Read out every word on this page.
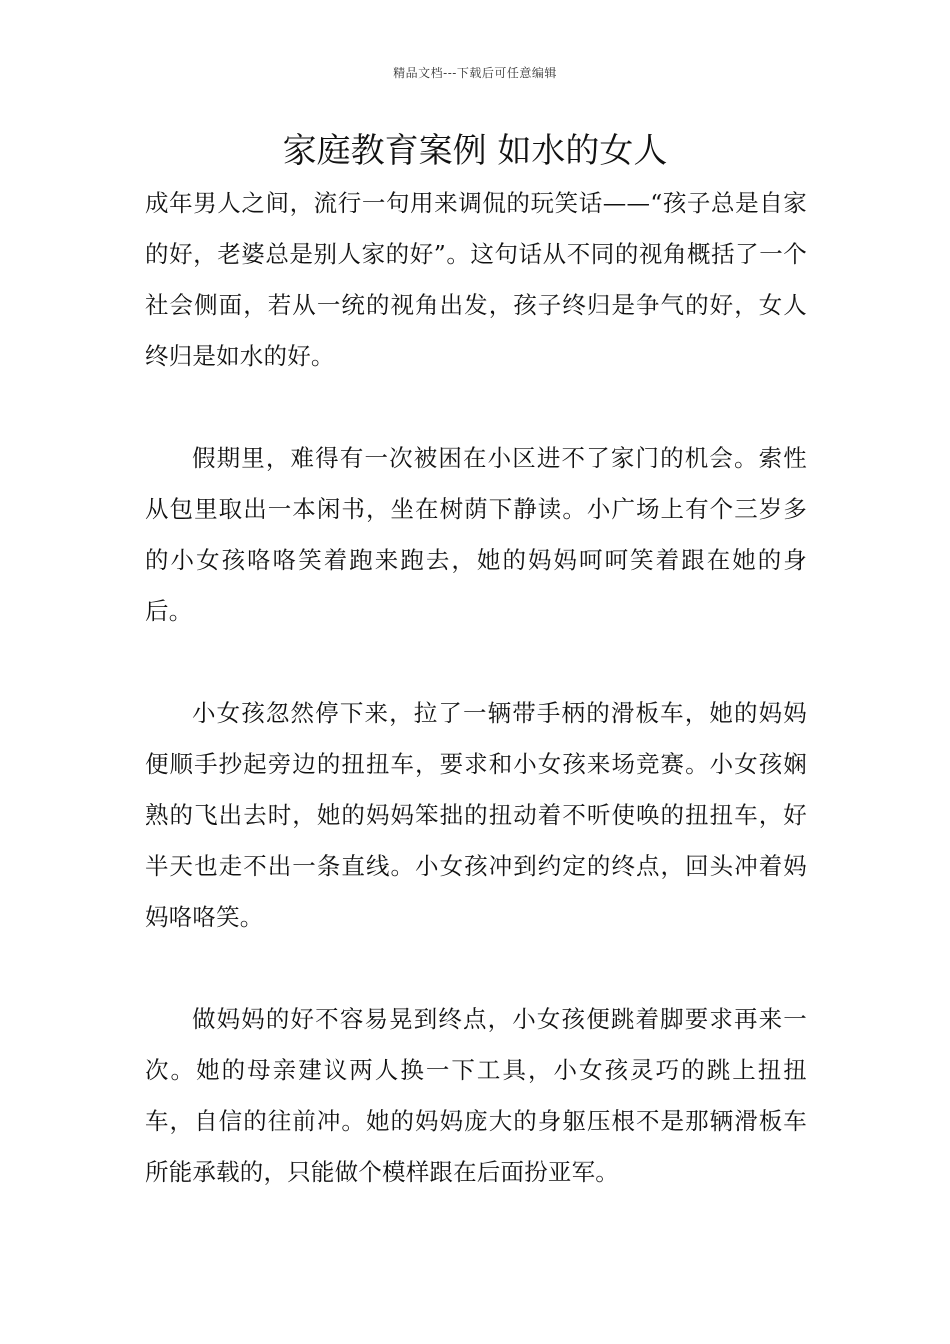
精品文档---下载后可任意编辑
家庭教育案例 如水的女人

成年男人之间，流行一句用来调侃的玩笑话——“孩子总是自家的好，老婆总是别人家的好”。这句话从不同的视角概括了一个社会侧面，若从一统的视角出发，孩子终归是争气的好，女人终归是如水的好。

假期里，难得有一次被困在小区进不了家门的机会。索性从包里取出一本闲书，坐在树荫下静读。小广场上有个三岁多的小女孩咯咯笑着跑来跑去，她的妈妈呵呵笑着跟在她的身后。

小女孩忽然停下来，拉了一辆带手柄的滑板车，她的妈妈便顺手抄起旁边的扭扭车，要求和小女孩来场竞赛。小女孩娴熟的飞出去时，她的妈妈笨拙的扭动着不听使唤的扭扭车，好半天也走不出一条直线。小女孩冲到约定的终点，回头冲着妈妈咯咯笑。

做妈妈的好不容易晃到终点，小女孩便跳着脚要求再来一次。她的母亲建议两人换一下工具，小女孩灵巧的跳上扭扭车，自信的往前冲。她的妈妈庞大的身躯压根不是那辆滑板车所能承载的，只能做个模样跟在后面扮亚军。
